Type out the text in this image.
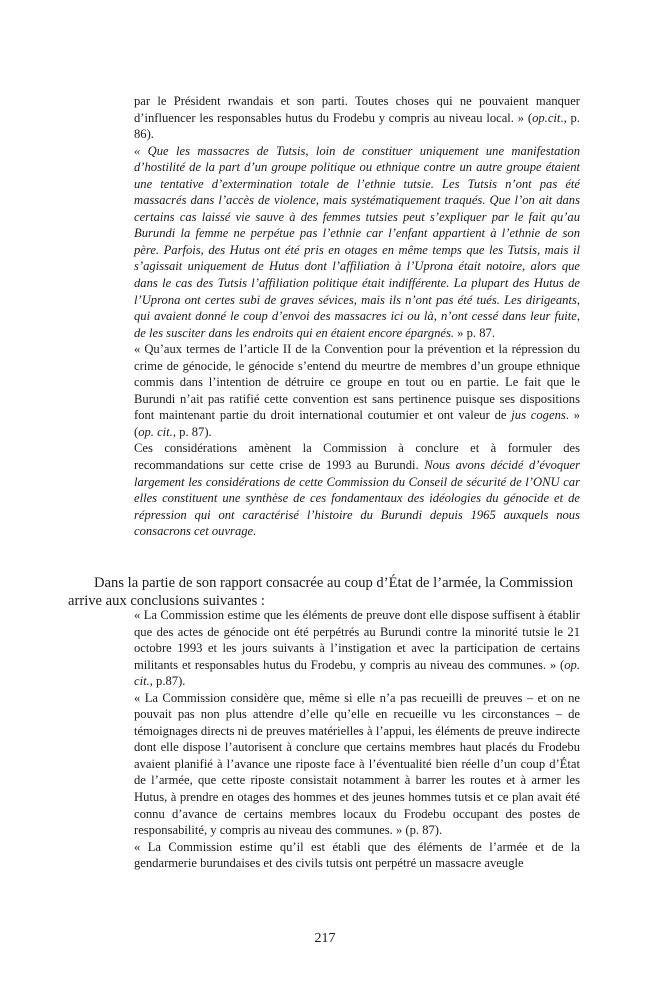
par le Président rwandais et son parti. Toutes choses qui ne pouvaient manquer d’influencer les responsables hutus du Frodebu y compris au niveau local. » (op.cit., p. 86).

« Que les massacres de Tutsis, loin de constituer uniquement une manifestation d’hostilité de la part d’un groupe politique ou ethnique contre un autre groupe étaient une tentative d’extermination totale de l’ethnie tutsie. Les Tutsis n’ont pas été massacrés dans l’accès de violence, mais systématiquement traqués. Que l’on ait dans certains cas laissé vie sauve à des femmes tutsies peut s’expliquer par le fait qu’au Burundi la femme ne perpétue pas l’ethnie car l’enfant appartient à l’ethnie de son père. Parfois, des Hutus ont été pris en otages en même temps que les Tutsis, mais il s’agissait uniquement de Hutus dont l’affiliation à l’Uprona était notoire, alors que dans le cas des Tutsis l’affiliation politique était indifférente. La plupart des Hutus de l’Uprona ont certes subi de graves sévices, mais ils n’ont pas été tués. Les dirigeants, qui avaient donné le coup d’envoi des massacres ici ou là, n’ont cessé dans leur fuite, de les susciter dans les endroits qui en étaient encore épargnés. » p. 87.

« Qu’aux termes de l’article II de la Convention pour la prévention et la répression du crime de génocide, le génocide s’entend du meurtre de membres d’un groupe ethnique commis dans l’intention de détruire ce groupe en tout ou en partie. Le fait que le Burundi n’ait pas ratifié cette convention est sans pertinence puisque ses dispositions font maintenant partie du droit international coutumier et ont valeur de jus cogens. » (op. cit., p. 87).

Ces considérations amènent la Commission à conclure et à formuler des recommandations sur cette crise de 1993 au Burundi. Nous avons décidé d’évoquer largement les considérations de cette Commission du Conseil de sécurité de l’ONU car elles constituent une synthèse de ces fondamentaux des idéologies du génocide et de répression qui ont caractérisé l’histoire du Burundi depuis 1965 auxquels nous consacrons cet ouvrage.

Dans la partie de son rapport consacrée au coup d’État de l’armée, la Commission arrive aux conclusions suivantes :

« La Commission estime que les éléments de preuve dont elle dispose suffisent à établir que des actes de génocide ont été perpétrés au Burundi contre la minorité tutsie le 21 octobre 1993 et les jours suivants à l’instigation et avec la participation de certains militants et responsables hutus du Frodebu, y compris au niveau des communes. » (op. cit., p.87).

« La Commission considère que, même si elle n’a pas recueilli de preuves – et on ne pouvait pas non plus attendre d’elle qu’elle en recueille vu les circonstances – de témoignages directs ni de preuves matérielles à l’appui, les éléments de preuve indirecte dont elle dispose l’autorisent à conclure que certains membres haut placés du Frodebu avaient planifié à l’avance une riposte face à l’éventualité bien réelle d’un coup d’État de l’armée, que cette riposte consistait notamment à barrer les routes et à armer les Hutus, à prendre en otages des hommes et des jeunes hommes tutsis et ce plan avait été connu d’avance de certains membres locaux du Frodebu occupant des postes de responsabilité, y compris au niveau des communes. » (p. 87).

« La Commission estime qu’il est établi que des éléments de l’armée et de la gendarmerie burundaises et des civils tutsis ont perpétré un massacre aveugle

217
